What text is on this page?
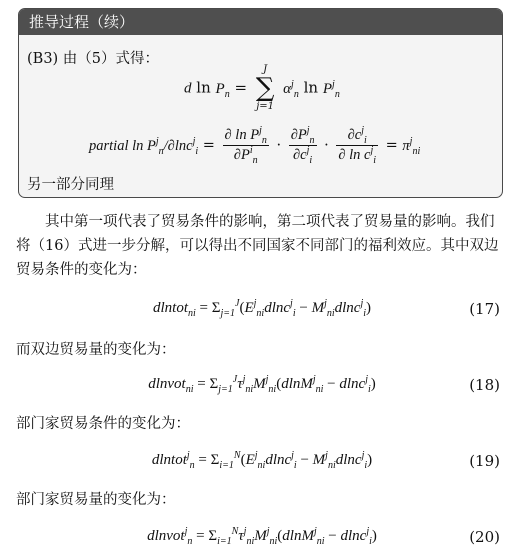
推导过程（续）
(B3) 由（5）式得：
d $\ln P_n$ =
J
∑
j=1
$\alpha^j_n$ $\ln P^j_n$
partial $\ln P^j_n/\partial\ln c^j_i = \frac{\partial \ln P^j_n}{\partial P^i_n} \cdot \frac{\partial P^j_n}{\partial c^j_i} \cdot \frac{\partial c^j_i}{\partial \ln c^j_i} = \pi^j_{ni}$
另一部分同理
其中第一项代表了贸易条件的影响，第二项代表了贸易量的影响。我们将（16）式进一步分解，可以得出不同国家不同部门的福利效应。其中双边贸易条件的变化为：
dlntot$_{ni}$ = $\Sigma_{j=1}^J(E^j_{ni}dlnc^j_i - M^j_{ni}dlnc^j_i)$	(17)
而双边贸易量的变化为：
dlnvot$_{ni}$ = $\Sigma_{j=1}^J\tau^j_{ni}M^j_{ni}(dlnM^j_{ni} - dlnc^j_i)$	(18)
部门家贸易条件的变化为：
dlntot$^j_n$ = $\Sigma_{i=1}^N(E^j_{ni}dlnc^j_i - M^j_{ni}dlnc^j_i)$	(19)
部门家贸易量的变化为：
dlnvot$^j_n$ = $\Sigma_{i=1}^N\tau^j_{ni}M^j_{ni}(dlnM^j_{ni} - dlnc^j_i)$	(20)
